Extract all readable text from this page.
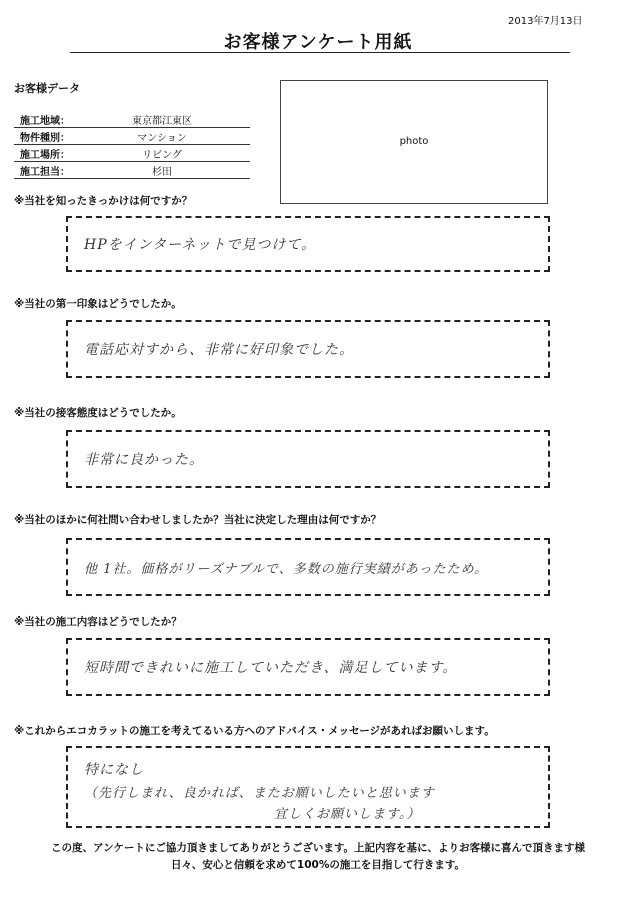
2013年7月13日
お客様アンケート用紙
お客様データ
施工地域：	東京都江東区
物件種別：	マンション
施工場所：	リビング
施工担当：	杉田
photo
※当社を知ったきっかけは何ですか？
HPをインターネットで見つけて。
※当社の第一印象はどうでしたか。
電話応対すから、非常に好印象でした。
※当社の接客態度はどうでしたか。
非常に良かった。
※当社のほかに何社問い合わせしましたか？当社に決定した理由は何ですか？
他 1社。価格がリーズナブルで、多数の施行実績があったため。
※当社の施工内容はどうでしたか？
短時間できれいに施工していただき、満足しています。
※これからエコカラットの施工を考えてるいる方へのアドバイス・メッセージがあればお願いします。
特になし
（先行しまれ、良かれば、またお願いしたいと思います
宜しくお願いします。）
この度、アンケートにご協力頂きましてありがとうございます。上記内容を基に、よりお客様に喜んで頂きます様
日々、安心と信頼を求めて100%の施工を目指して行きます。
